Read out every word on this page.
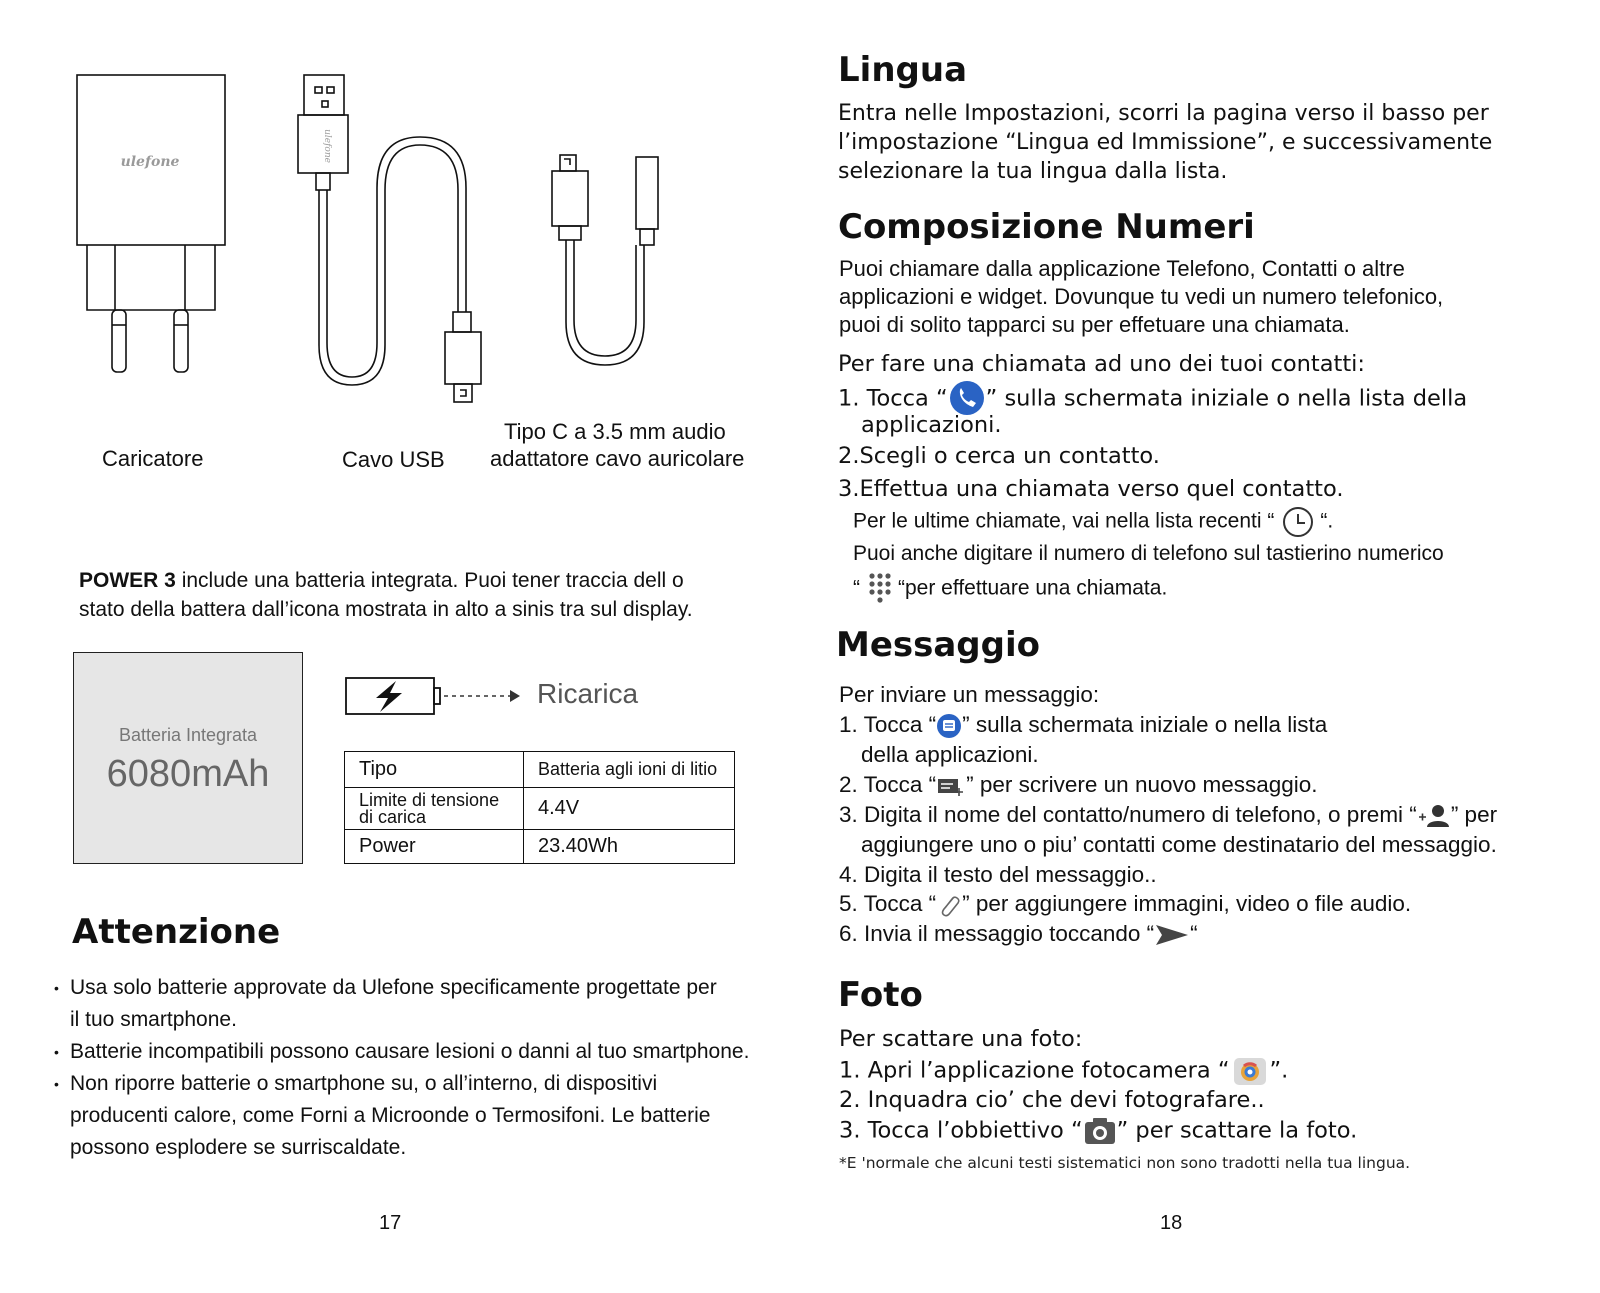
ulefone	ulefone
Caricatore	Cavo USB
Tipo C a 3.5 mm audio
adattatore cavo auricolare
POWER 3 include una batteria integrata. Puoi tener traccia dell o
stato della battera dall’icona mostrata in alto a sinis tra sul display.
Batteria Integrata
6080mAh
Ricarica
Tipo	Batteria agli ioni di litio

Limite di tensione
di carica	4.4V
Power	23.40Wh
Attenzione
• Usa solo batterie approvate da Ulefone specificamente progettate per
il tuo smartphone.
• Batterie incompatibili possono causare lesioni o danni al tuo smartphone.
• Non riporre batterie o smartphone su, o all’interno, di dispositivi
producenti calore, come Forni a Microonde o Termosifoni. Le batterie
possono esplodere se surriscaldate.
17
Lingua
Entra nelle Impostazioni, scorri la pagina verso il basso per
l’impostazione “Lingua ed Immissione”, e successivamente
selezionare la tua lingua dalla lista.
Composizione Numeri
Puoi chiamare dalla applicazione Telefono, Contatti o altre
applicazioni e widget. Dovunque tu vedi un numero telefonico,
puoi di solito tapparci su per effetuare una chiamata.
Per fare una chiamata ad uno dei tuoi contatti:
1. Tocca “ ” sulla schermata iniziale o nella lista della
applicazioni.
2.Scegli o cerca un contatto.
3.Effettua una chiamata verso quel contatto.
Per le ultime chiamate, vai nella lista recenti “ “.
Puoi anche digitare il numero di telefono sul tastierino numerico
“ “per effettuare una chiamata.
Messaggio
Per inviare un messaggio:
1. Tocca “ ” sulla schermata iniziale o nella lista
della applicazioni.
2. Tocca “ ” per scrivere un nuovo messaggio.
3. Digita il nome del contatto/numero di telefono, o premi “ ” per
aggiungere uno o piu’ contatti come destinatario del messaggio.
4. Digita il testo del messaggio..
5. Tocca “ ” per aggiungere immagini, video o file audio.
6. Invia il messaggio toccando “ “
Foto
Per scattare una foto:
1. Apri l’applicazione fotocamera “ ”.
2. Inquadra cio’ che devi fotografare..
3. Tocca l’obbiettivo “ ” per scattare la foto.
*E 'normale che alcuni testi sistematici non sono tradotti nella tua lingua.
18
